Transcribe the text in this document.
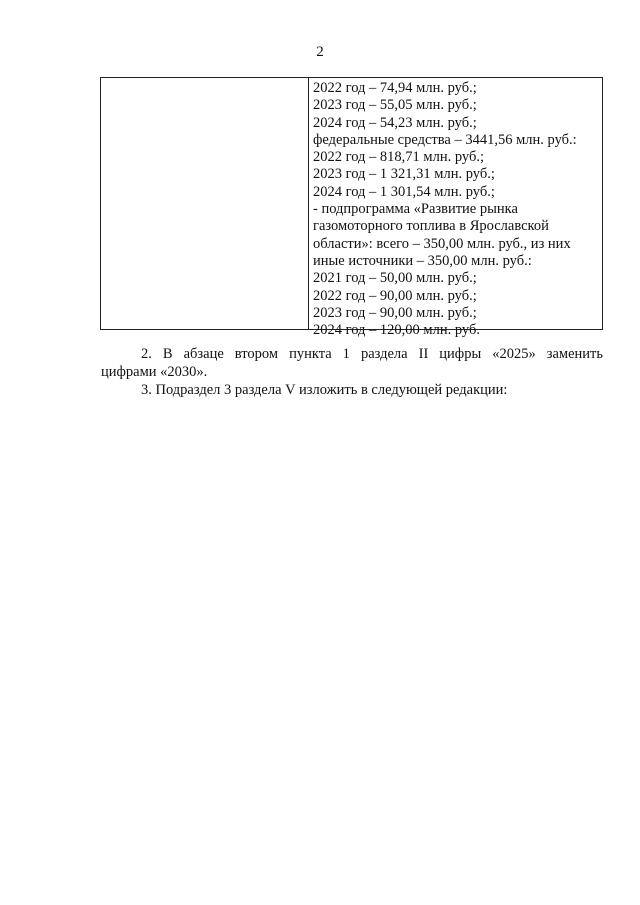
2
2022 год – 74,94 млн. руб.;
2023 год – 55,05 млн. руб.;
2024 год – 54,23 млн. руб.;
федеральные средства – 3441,56 млн. руб.:
2022 год – 818,71 млн. руб.;
2023 год – 1 321,31 млн. руб.;
2024 год – 1 301,54 млн. руб.;
- подпрограмма «Развитие рынка
газомоторного топлива в Ярославской
области»: всего – 350,00 млн. руб., из них
иные источники – 350,00 млн. руб.:
2021 год – 50,00 млн. руб.;
2022 год – 90,00 млн. руб.;
2023 год – 90,00 млн. руб.;
2024 год – 120,00 млн. руб.
2. В абзаце втором пункта 1 раздела II цифры «2025» заменить
цифрами «2030».
3. Подраздел 3 раздела V изложить в следующей редакции:
